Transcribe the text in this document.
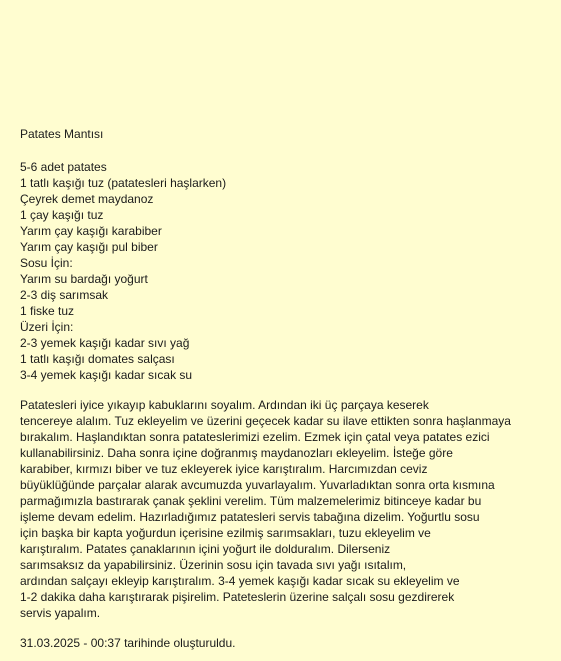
Patates Mantısı
5-6 adet patates
1 tatlı kaşığı tuz (patatesleri haşlarken)
Çeyrek demet maydanoz
1 çay kaşığı tuz
Yarım çay kaşığı karabiber
Yarım çay kaşığı pul biber
Sosu İçin:
Yarım su bardağı yoğurt
2-3 diş sarımsak
1 fiske tuz
Üzeri İçin:
2-3 yemek kaşığı kadar sıvı yağ
1 tatlı kaşığı domates salçası
3-4 yemek kaşığı kadar sıcak su
Patatesleri iyice yıkayıp kabuklarını soyalım. Ardından iki üç parçaya keserek
tencereye alalım. Tuz ekleyelim ve üzerini geçecek kadar su ilave ettikten sonra haşlanmaya
bırakalım. Haşlandıktan sonra patateslerimizi ezelim. Ezmek için çatal veya patates ezici
kullanabilirsiniz. Daha sonra içine doğranmış maydanozları ekleyelim. İsteğe göre
karabiber, kırmızı biber ve tuz ekleyerek iyice karıştıralım. Harcımızdan ceviz
büyüklüğünde parçalar alarak avcumuzda yuvarlayalım. Yuvarladıktan sonra orta kısmına
parmağımızla bastırarak çanak şeklini verelim. Tüm malzemelerimiz bitinceye kadar bu
işleme devam edelim. Hazırladığımız patatesleri servis tabağına dizelim. Yoğurtlu sosu
için başka bir kapta yoğurdun içerisine ezilmiş sarımsakları, tuzu ekleyelim ve
karıştıralım. Patates çanaklarının içini yoğurt ile dolduralım. Dilerseniz
sarımsaksız da yapabilirsiniz. Üzerinin sosu için tavada sıvı yağı ısıtalım,
ardından salçayı ekleyip karıştıralım. 3-4 yemek kaşığı kadar sıcak su ekleyelim ve
1-2 dakika daha karıştırarak pişirelim. Pateteslerin üzerine salçalı sosu gezdirerek
servis yapalım.

31.03.2025 - 00:37 tarihinde oluşturuldu.
